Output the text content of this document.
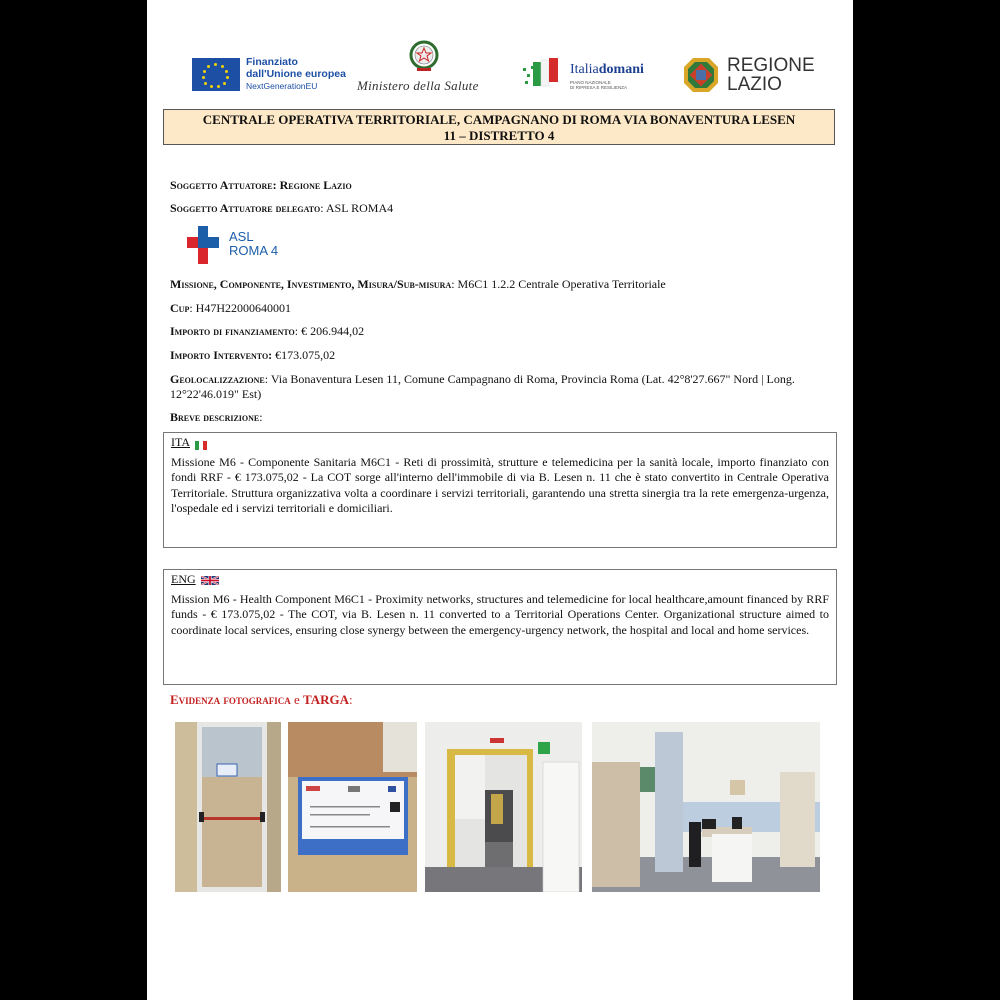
Finanziato
dall'Unione europea
NextGenerationEU	Ministero della Salute
Italiadomani
PIANO NAZIONALE
DI RIPRESA E RESILIENZA
REGIONE
LAZIO
CENTRALE OPERATIVA TERRITORIALE, CAMPAGNANO DI ROMA VIA BONAVENTURA LESEN
11 – DISTRETTO 4
Soggetto Attuatore: Regione Lazio
Soggetto Attuatore delegato: ASL ROMA4
ASL
ROMA 4
Missione, Componente, Investimento, Misura/Sub-misura: M6C1 1.2.2 Centrale Operativa Territoriale
Cup: H47H22000640001
Importo di finanziamento: € 206.944,02
Importo Intervento: €173.075,02
Geolocalizzazione: Via Bonaventura Lesen 11, Comune Campagnano di Roma, Provincia Roma (Lat. 42°8'27.667" Nord | Long. 12°22'46.019" Est)
Breve descrizione:
ITA
Missione M6 - Componente Sanitaria M6C1 - Reti di prossimità, strutture e telemedicina per la sanità locale, importo finanziato con fondi RRF - € 173.075,02 - La COT sorge all'interno dell'immobile di via B. Lesen n. 11 che è stato convertito in Centrale Operativa Territoriale. Struttura organizzativa volta a coordinare i servizi territoriali, garantendo una stretta sinergia tra la rete emergenza-urgenza, l'ospedale ed i servizi territoriali e domiciliari.
ENG
Mission M6 - Health Component M6C1 - Proximity networks, structures and telemedicine for local healthcare,amount financed by RRF funds - € 173.075,02 - The COT, via B. Lesen n. 11 converted to a Territorial Operations Center. Organizational structure aimed to coordinate local services, ensuring close synergy between the emergency-urgency network, the hospital and local and home services.
Evidenza fotografica e TARGA:
